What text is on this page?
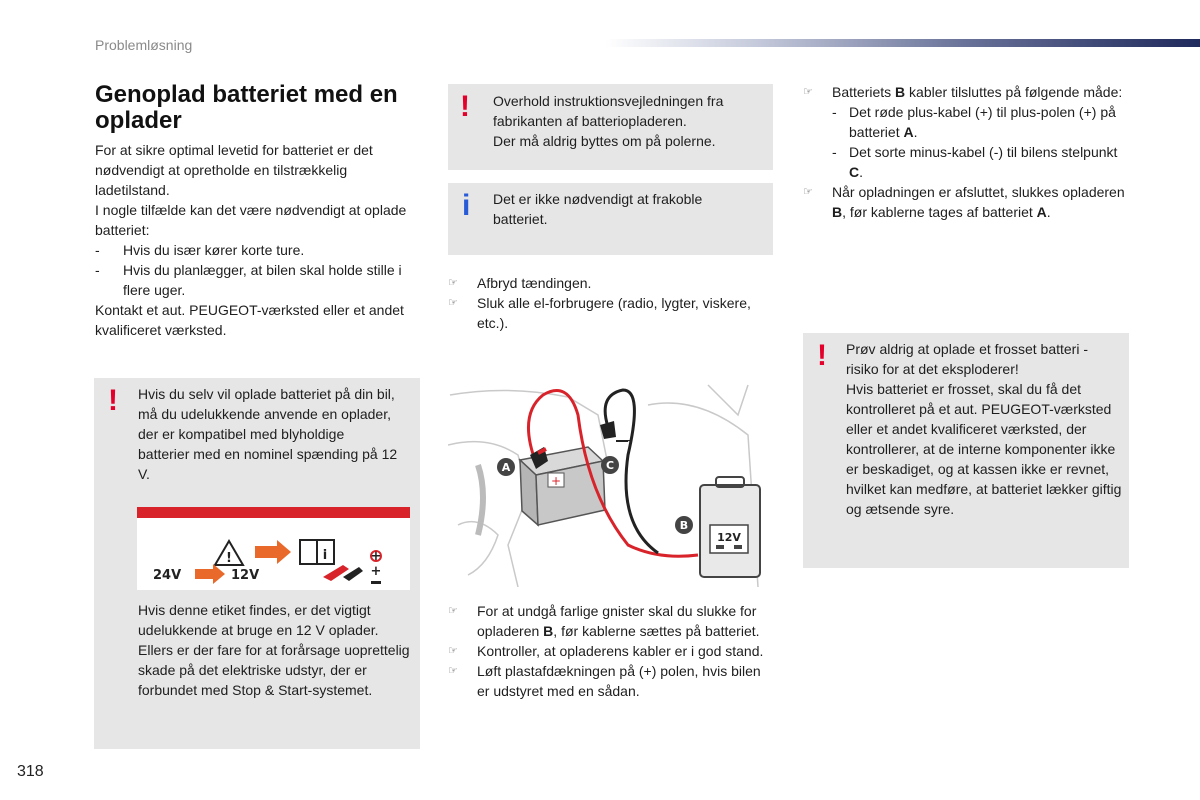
Problemløsning
Genoplad batteriet med en oplader

For at sikre optimal levetid for batteriet er det nødvendigt at opretholde en tilstrækkelig ladetilstand.

I nogle tilfælde kan det være nødvendigt at oplade batteriet:

- Hvis du især kører korte ture.
- Hvis du planlægger, at bilen skal holde stille i flere uger.

Kontakt et aut. PEUGEOT-værksted eller et andet kvalificeret værksted.

! Overhold instruktionsvejledningen fra fabrikanten af batteriopladeren.
Der må aldrig byttes om på polerne.
i Det er ikke nødvendigt at frakoble batteriet.
☞ Afbryd tændingen.
☞ Sluk alle el-forbrugere (radio, lygter, viskere, etc.).
! Hvis du selv vil oplade batteriet på din bil, må du udelukkende anvende en oplader, der er kompatibel med blyholdige batterier med en nominel spænding på 12 V.
Hvis denne etiket findes, er det vigtigt udelukkende at bruge en 12 V oplader. Ellers er der fare for at forårsage uoprettelig skade på det elektriske udstyr, der er forbundet med Stop & Start-systemet.
!	i
24V	12V
+
+
+
−
12V
A
B
C
☞ For at undgå farlige gnister skal du slukke for opladeren B, før kablerne sættes på batteriet.
☞ Kontroller, at opladerens kabler er i god stand.
☞ Løft plastafdækningen på (+) polen, hvis bilen er udstyret med en sådan.
☞ Batteriets B kabler tilsluttes på følgende måde:
- Det røde plus-kabel (+) til plus-polen (+) på batteriet A.
- Det sorte minus-kabel (-) til bilens stelpunkt C.
☞ Når opladningen er afsluttet, slukkes opladeren B, før kablerne tages af batteriet A.
! Prøv aldrig at oplade et frosset batteri - risiko for at det eksploderer!
Hvis batteriet er frosset, skal du få det kontrolleret på et aut. PEUGEOT-værksted eller et andet kvalificeret værksted, der kontrollerer, at de interne komponenter ikke er beskadiget, og at kassen ikke er revnet, hvilket kan medføre, at batteriet lækker giftig og ætsende syre.
318
